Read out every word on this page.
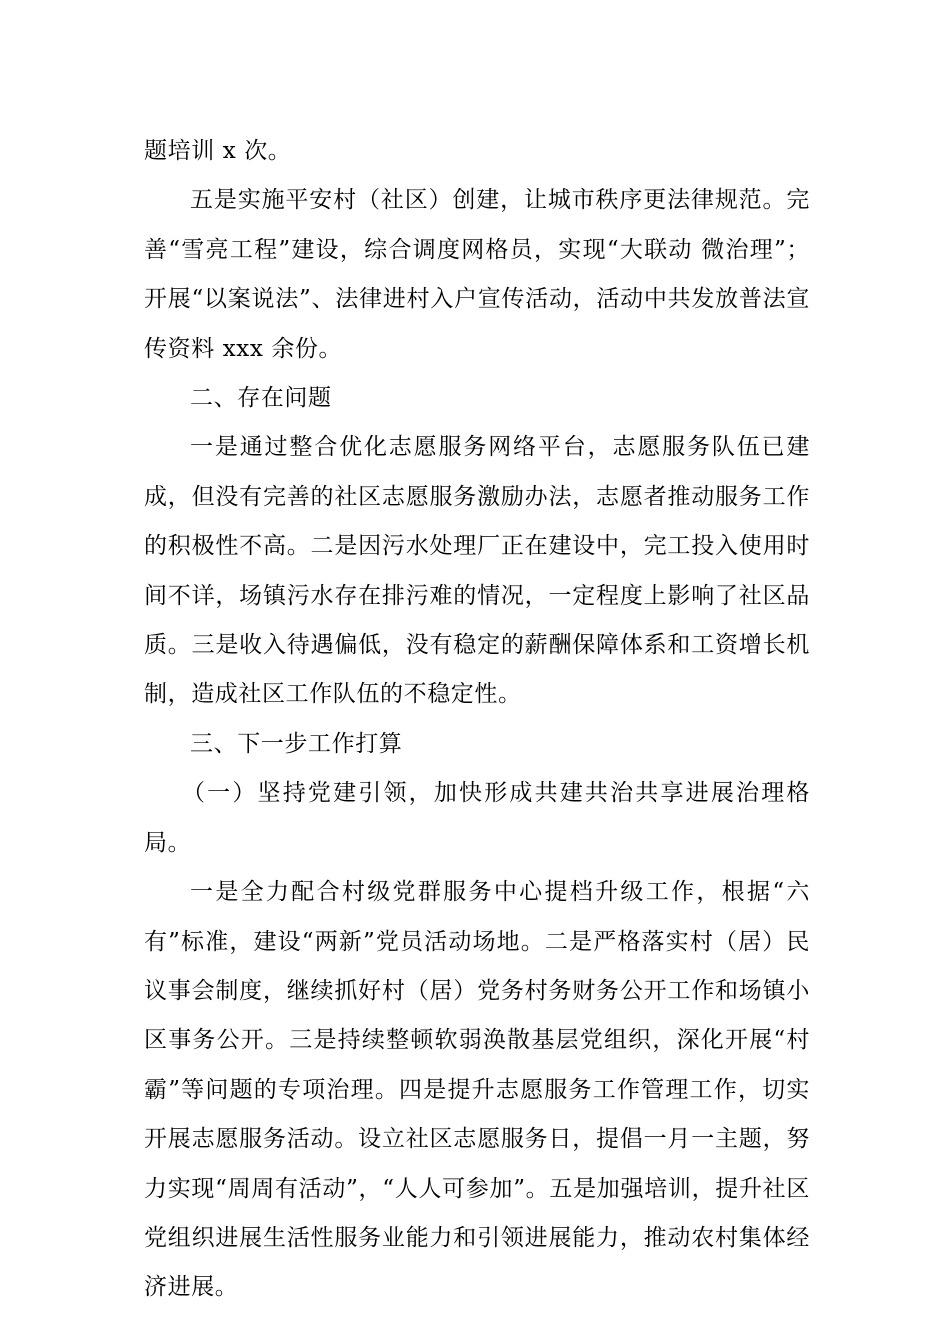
题培训 x 次。

五是实施平安村（社区）创建，让城市秩序更法律规范。完善“雪亮工程”建设，综合调度网格员，实现“大联动 微治理”；开展“以案说法”、法律进村入户宣传活动，活动中共发放普法宣传资料 xxx 余份。

二、存在问题

一是通过整合优化志愿服务网络平台，志愿服务队伍已建成，但没有完善的社区志愿服务激励办法，志愿者推动服务工作的积极性不高。二是因污水处理厂正在建设中，完工投入使用时间不详，场镇污水存在排污难的情况，一定程度上影响了社区品质。三是收入待遇偏低，没有稳定的薪酬保障体系和工资增长机制，造成社区工作队伍的不稳定性。

三、下一步工作打算

（一）坚持党建引领，加快形成共建共治共享进展治理格局。

一是全力配合村级党群服务中心提档升级工作，根据“六有”标准，建设“两新”党员活动场地。二是严格落实村（居）民议事会制度，继续抓好村（居）党务村务财务公开工作和场镇小区事务公开。三是持续整顿软弱涣散基层党组织，深化开展“村霸”等问题的专项治理。四是提升志愿服务工作管理工作，切实开展志愿服务活动。设立社区志愿服务日，提倡一月一主题，努力实现“周周有活动”，“人人可参加”。五是加强培训，提升社区党组织进展生活性服务业能力和引领进展能力，推动农村集体经济进展。
